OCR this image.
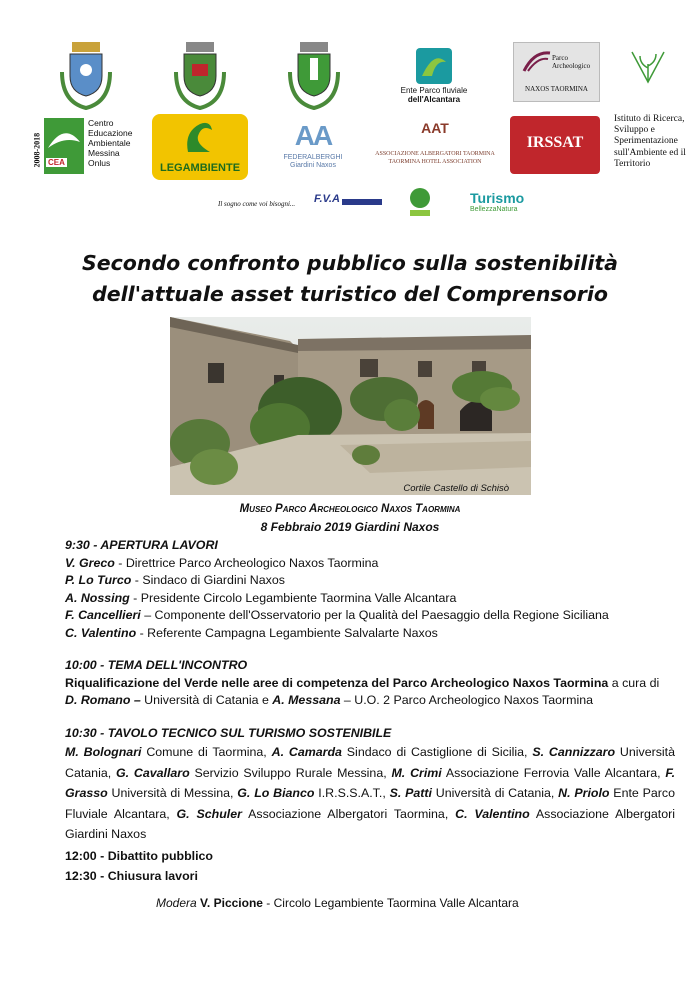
Ente Parco fluviale
dell'Alcantara
Parco
Archeologico
NAXOS TAORMINA
2008-2018 CEA
Centro
Educazione
Ambientale
Messina
Onlus	LEGAMBIENTE
AA
FEDERALBERGHI
Giardini Naxos
AAT
ASSOCIAZIONE ALBERGATORI TAORMINA
TAORMINA HOTEL ASSOCIATION
IRSSAT
Istituto di Ricerca, Sviluppo e Sperimentazione sull'Ambiente ed il Territorio
Il sogno come voi bisogni... F.V.A	Turismo
BellezzaNatura
Secondo confronto pubblico sulla sostenibilità
dell'attuale asset turistico del Comprensorio
Cortile Castello di Schisò
Museo Parco Archeologico Naxos Taormina
8 Febbraio 2019 Giardini Naxos

9:30 - APERTURA LAVORI

V. Greco - Direttrice Parco Archeologico Naxos Taormina

P. Lo Turco - Sindaco di Giardini Naxos

A. Nossing - Presidente Circolo Legambiente Taormina Valle Alcantara

F. Cancellieri – Componente dell'Osservatorio per la Qualità del Paesaggio della Regione Siciliana

C. Valentino - Referente Campagna Legambiente Salvalarte Naxos

10:00 - TEMA DELL'INCONTRO

Riqualificazione del Verde nelle aree di competenza del Parco Archeologico Naxos Taormina a cura di

D. Romano – Università di Catania e A. Messana – U.O. 2 Parco Archeologico Naxos Taormina

10:30 - TAVOLO TECNICO SUL TURISMO SOSTENIBILE

M. Bolognari Comune di Taormina, A. Camarda Sindaco di Castiglione di Sicilia, S. Cannizzaro Università Catania, G. Cavallaro Servizio Sviluppo Rurale Messina, M. Crimi Associazione Ferrovia Valle Alcantara, F. Grasso Università di Messina, G. Lo Bianco I.R.S.S.A.T., S. Patti Università di Catania, N. Priolo Ente Parco Fluviale Alcantara, G. Schuler Associazione Albergatori Taormina, C. Valentino Associazione Albergatori Giardini Naxos

12:00 - Dibattito pubblico

12:30 - Chiusura lavori

Modera V. Piccione - Circolo Legambiente Taormina Valle Alcantara
